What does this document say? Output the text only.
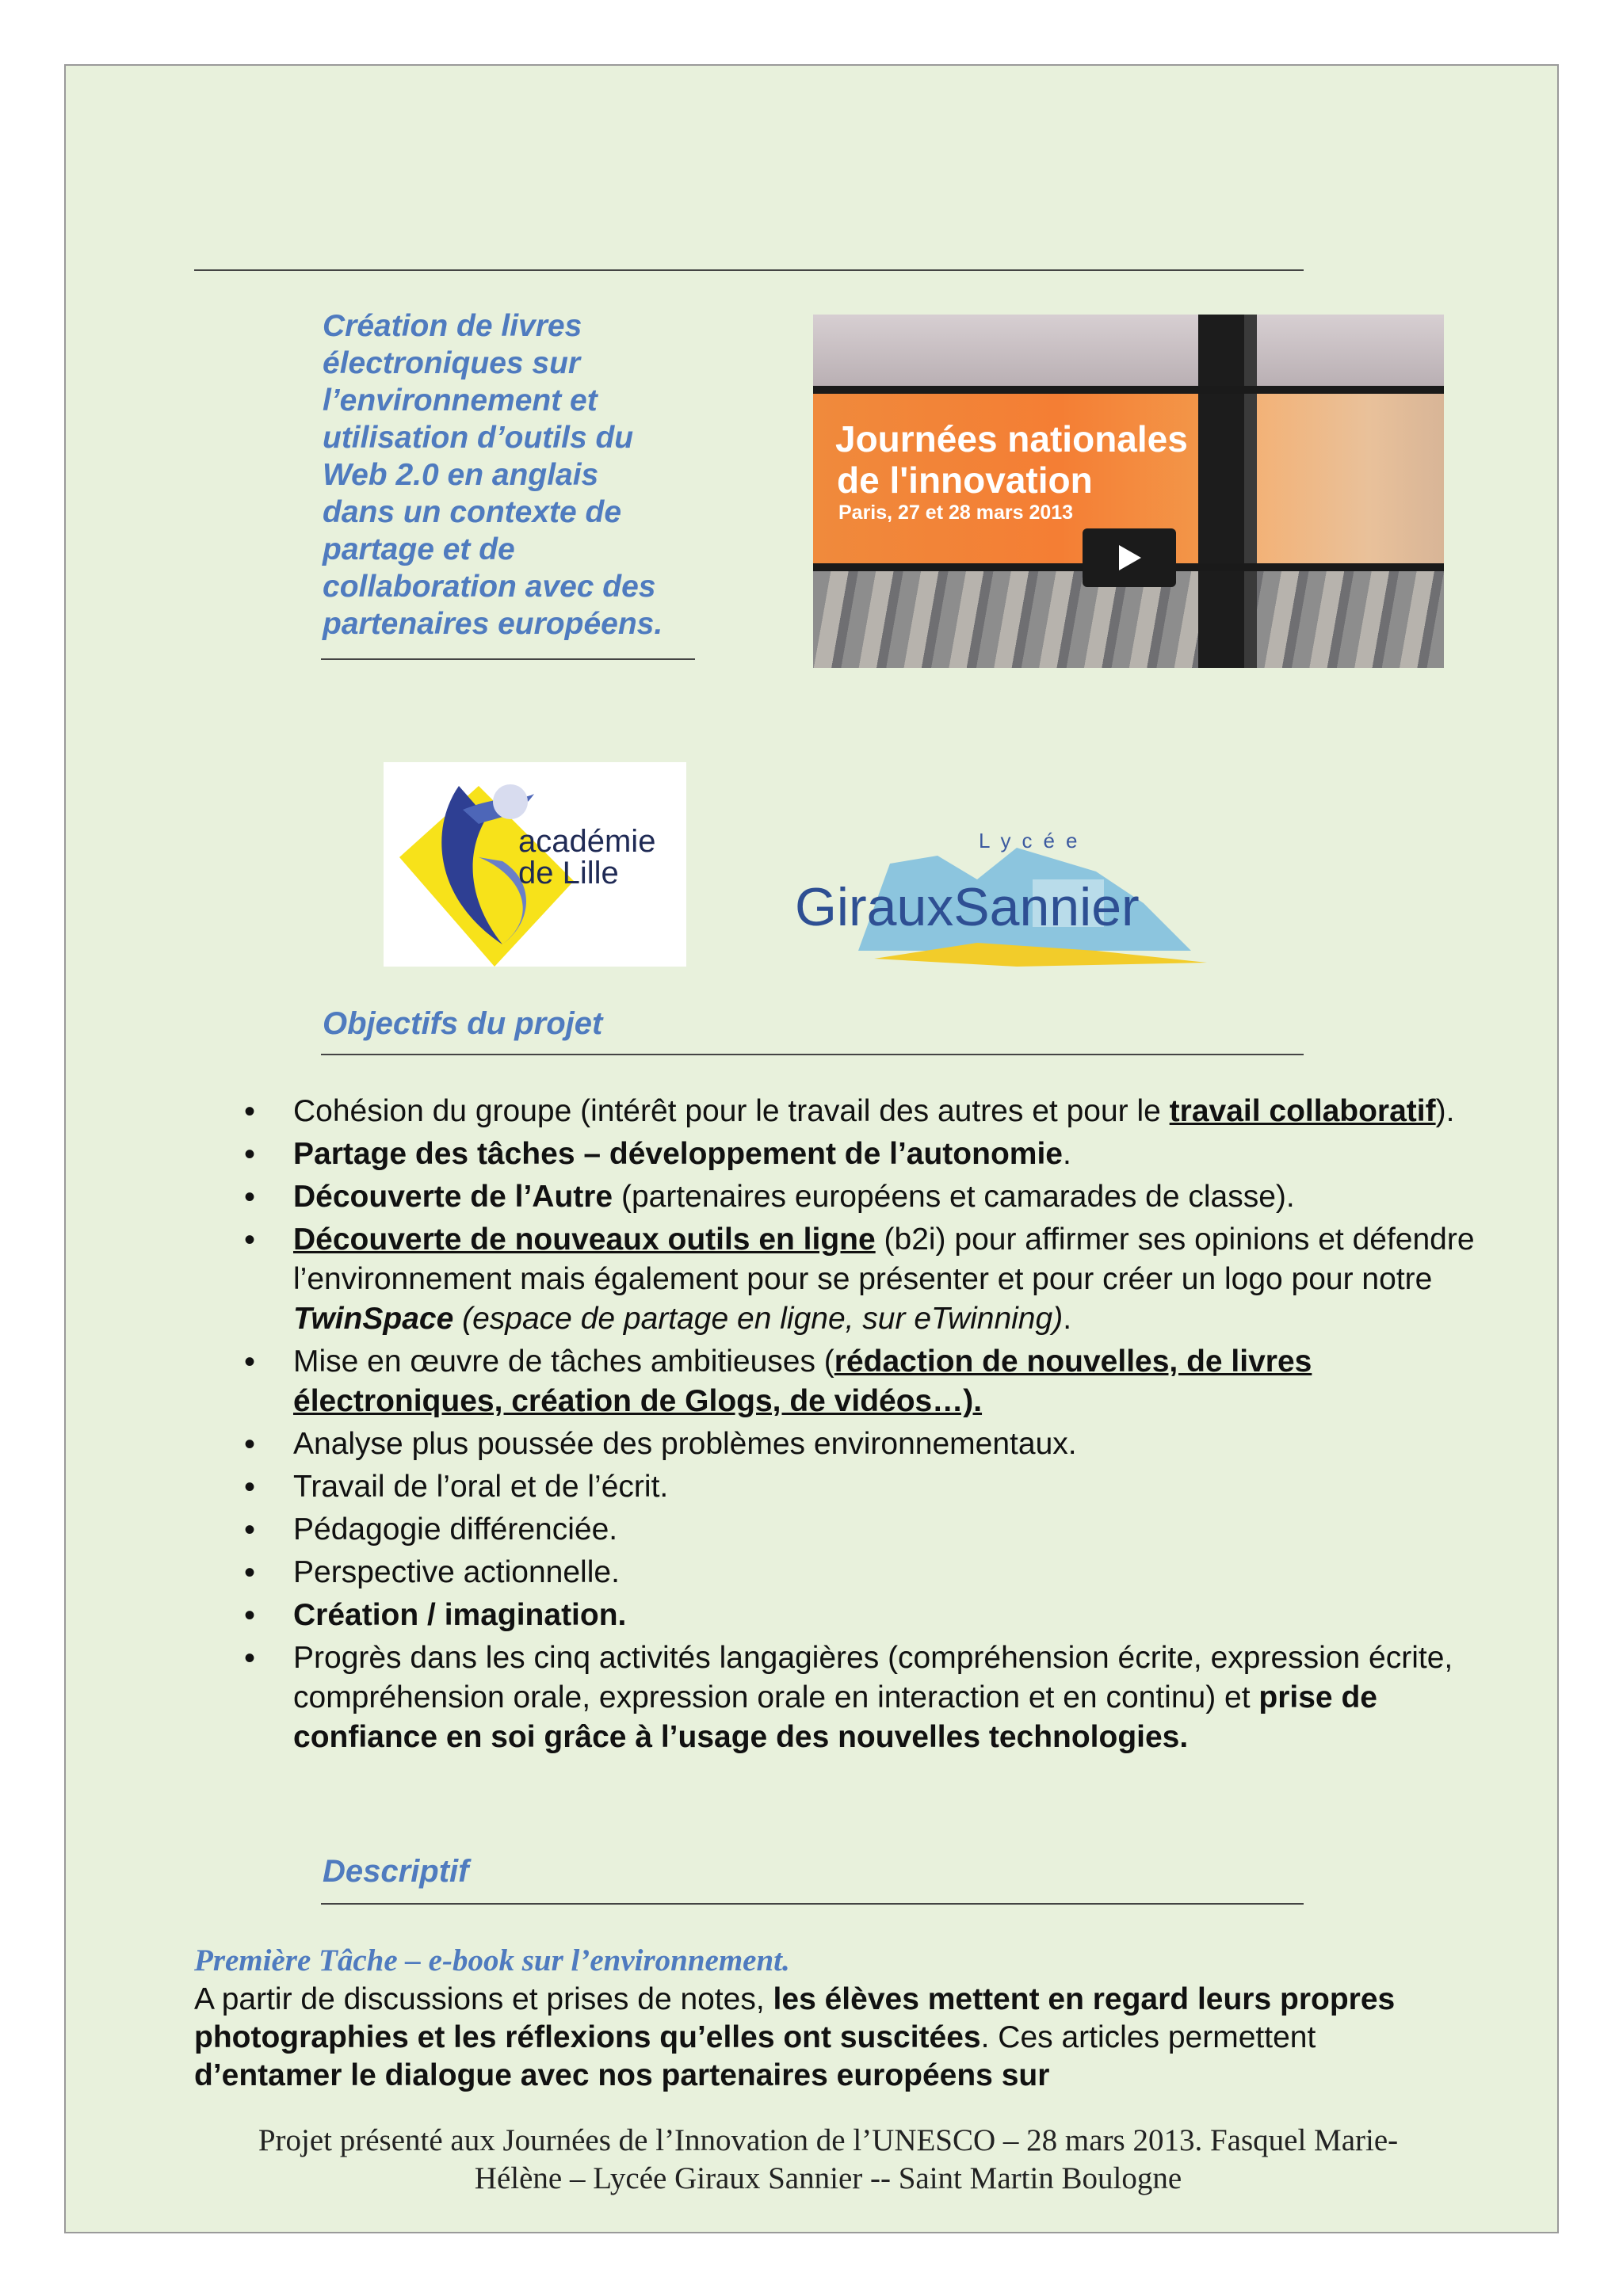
Création de livres
électroniques sur
l’environnement et
utilisation d’outils du
Web 2.0 en anglais
dans un contexte de
partage et de
collaboration avec des
partenaires européens.
Journées nationales
de l'innovation
Paris, 27 et 28 mars 2013
académie
de Lille
Lycée
GirauxSannier
Objectifs du projet
• Cohésion du groupe (intérêt pour le travail des autres et pour le travail collaboratif).
• Partage des tâches – développement de l’autonomie.
• Découverte de l’Autre (partenaires européens et camarades de classe).
• Découverte de nouveaux outils en ligne (b2i) pour affirmer ses opinions et défendre l’environnement mais également pour se présenter et pour créer un logo pour notre TwinSpace (espace de partage en ligne, sur eTwinning).
• Mise en œuvre de tâches ambitieuses (rédaction de nouvelles, de livres électroniques, création de Glogs, de vidéos…).
• Analyse plus poussée des problèmes environnementaux.
• Travail de l’oral et de l’écrit.
• Pédagogie différenciée.
• Perspective actionnelle.
• Création / imagination.
• Progrès dans les cinq activités langagières (compréhension écrite, expression écrite, compréhension orale, expression orale en interaction et en continu) et prise de confiance en soi grâce à l’usage des nouvelles technologies.
Descriptif
Première Tâche – e-book sur l’environnement.
A partir de discussions et prises de notes, les élèves mettent en regard leurs propres photographies et les réflexions qu’elles ont suscitées. Ces articles permettent d’entamer le dialogue avec nos partenaires européens sur
Projet présenté aux Journées de l’Innovation de l’UNESCO – 28 mars 2013. Fasquel Marie-
Hélène – Lycée Giraux Sannier -- Saint Martin Boulogne
